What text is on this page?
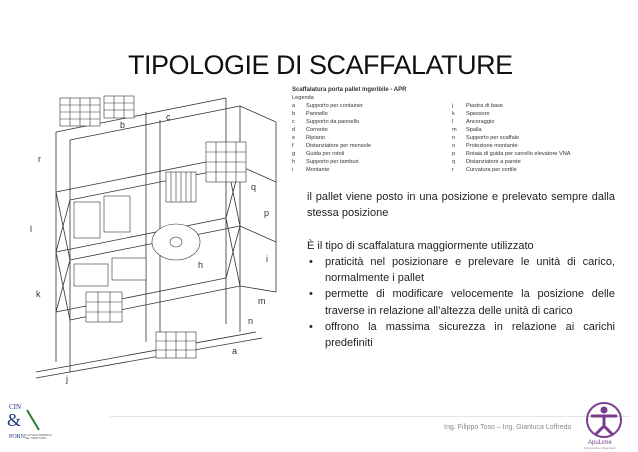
TIPOLOGIE DI SCAFFALATURE
r
l
k
j
b
c
q
p
i
m
n
h
a
Scaffalatura porta pallet ingeribile - APR
Legenda
a	Supporto per container
b	Pannello
c	Supporto da pannello
d	Corrente
e	Ripiano
f	Distanziatore per mensole
g	Guida per rotoli
h	Supporto per tamburi
i	Montante
j	Piastra di base
k	Spessore
l	Ancoraggio
m	Spalla
n	Supporto per scaffale
o	Protezione montante
p	Rotaia di guida per carrello elevatore VNA
q	Distanziatore a parete
r	Curvatura per cortile

il pallet viene posto in una posizione e prelevato sempre dalla stessa posizione

È il tipo di scaffalatura maggiormente utilizzato

• praticità nel posizionare e prelevare le unità di carico, normalmente i pallet
• permette di modificare velocemente la posizione delle traverse in relazione all’altezza delle unità di carico
• offrono la massima sicurezza in relazione ai carichi predefiniti
CIN
&
PORN CULTURA D'IMPRESA
NEL TERRITORIO
Ing. Filippo Toso – Ing. Gianluca Loffredo
ApuLime
il formazione dipendenti
